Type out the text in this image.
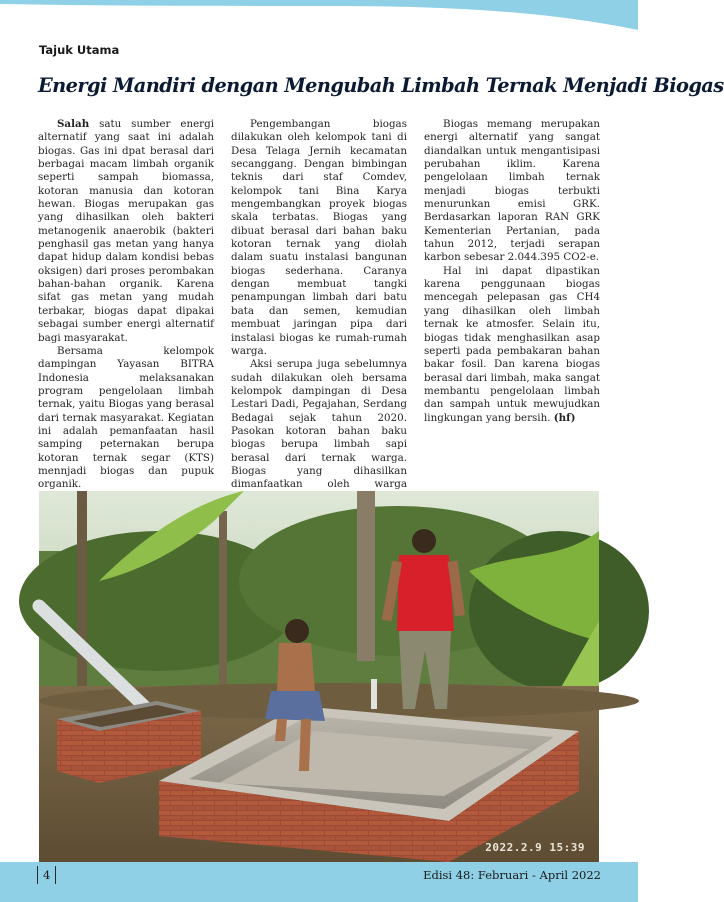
Tajuk Utama
Energi Mandiri dengan Mengubah Limbah Ternak Menjadi Biogas

Salah satu sumber energi alternatif yang saat ini adalah biogas. Gas ini dpat berasal dari berbagai macam limbah organik seperti sampah biomassa, kotoran manusia dan kotoran hewan. Biogas merupakan gas yang dihasilkan oleh bakteri metanogenik anaerobik (bakteri penghasil gas metan yang hanya dapat hidup dalam kondisi bebas oksigen) dari proses perombakan bahan-bahan organik. Karena sifat gas metan yang mudah terbakar, biogas dapat dipakai sebagai sumber energi alternatif bagi masyarakat.

Bersama kelompok dampingan Yayasan BITRA Indonesia melaksanakan program pengelolaan limbah ternak, yaitu Biogas yang berasal dari ternak masyarakat. Kegiatan ini adalah pemanfaatan hasil samping peternakan berupa kotoran ternak segar (KTS) mennjadi biogas dan pupuk organik.

Pengembangan biogas dilakukan oleh kelompok tani di Desa Telaga Jernih kecamatan secanggang. Dengan bimbingan teknis dari staf Comdev, kelompok tani Bina Karya mengembangkan proyek biogas skala terbatas. Biogas yang dibuat berasal dari bahan baku kotoran ternak yang diolah dalam suatu instalasi bangunan biogas sederhana. Caranya dengan membuat tangki penampungan limbah dari batu bata dan semen, kemudian membuat jaringan pipa dari instalasi biogas ke rumah-rumah warga.

Aksi serupa juga sebelumnya sudah dilakukan oleh bersama kelompok dampingan di Desa Lestari Dadi, Pegajahan, Serdang Bedagai sejak tahun 2020. Pasokan kotoran bahan baku biogas berupa limbah sapi berasal dari ternak warga. Biogas yang dihasilkan dimanfaatkan oleh warga

Biogas memang merupakan energi alternatif yang sangat diandalkan untuk mengantisipasi perubahan iklim. Karena pengelolaan limbah ternak menjadi biogas terbukti menurunkan emisi GRK. Berdasarkan laporan RAN GRK Kementerian Pertanian, pada tahun 2012, terjadi serapan karbon sebesar 2.044.395 CO2-e.

Hal ini dapat dipastikan karena penggunaan biogas mencegah pelepasan gas CH4 yang dihasilkan oleh limbah ternak ke atmosfer. Selain itu, biogas tidak menghasilkan asap seperti pada pembakaran bahan bakar fosil. Dan karena biogas berasal dari limbah, maka sangat membantu pengelolaan limbah dan sampah untuk mewujudkan lingkungan yang bersih. (hf)

2022.2.9 15:39
4	Edisi 48: Februari - April 2022
